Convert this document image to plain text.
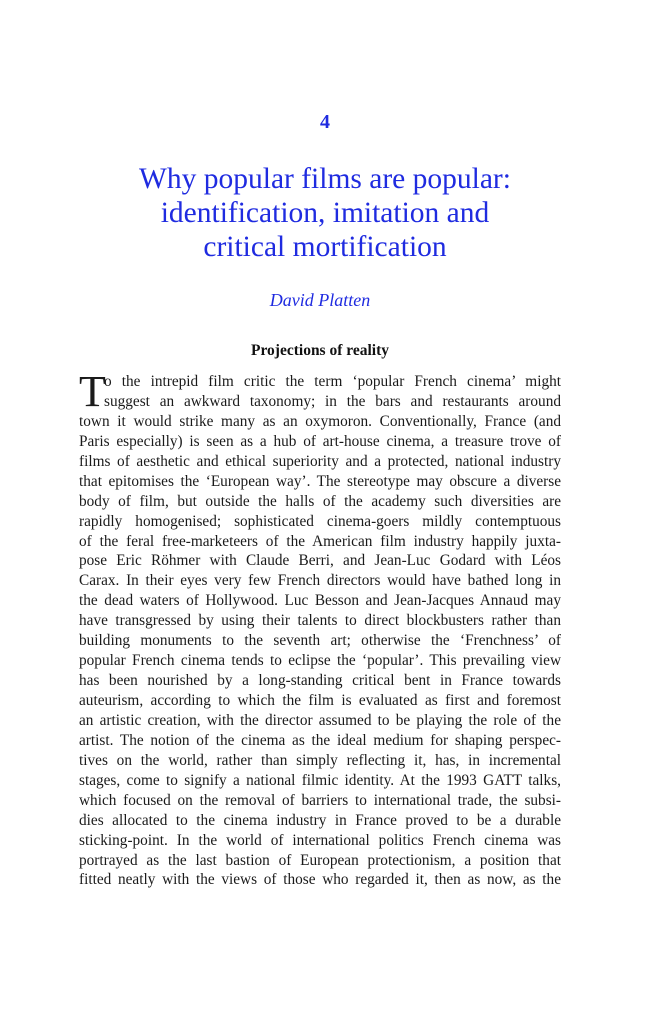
4
Why popular films are popular:
identification, imitation and
critical mortification
David Platten
Projections of reality
T
o the intrepid film critic the term ‘popular French cinema’ might
suggest an awkward taxonomy; in the bars and restaurants around
town it would strike many as an oxymoron. Conventionally, France (and
Paris especially) is seen as a hub of art-house cinema, a treasure trove of
films of aesthetic and ethical superiority and a protected, national industry
that epitomises the ‘European way’. The stereotype may obscure a diverse
body of film, but outside the halls of the academy such diversities are
rapidly homogenised; sophisticated cinema-goers mildly contemptuous
of the feral free-marketeers of the American film industry happily juxta-
pose Eric Röhmer with Claude Berri, and Jean-Luc Godard with Léos
Carax. In their eyes very few French directors would have bathed long in
the dead waters of Hollywood. Luc Besson and Jean-Jacques Annaud may
have transgressed by using their talents to direct blockbusters rather than
building monuments to the seventh art; otherwise the ‘Frenchness’ of
popular French cinema tends to eclipse the ‘popular’. This prevailing view
has been nourished by a long-standing critical bent in France towards
auteurism, according to which the film is evaluated as first and foremost
an artistic creation, with the director assumed to be playing the role of the
artist. The notion of the cinema as the ideal medium for shaping perspec-
tives on the world, rather than simply reflecting it, has, in incremental
stages, come to signify a national filmic identity. At the 1993 GATT talks,
which focused on the removal of barriers to international trade, the subsi-
dies allocated to the cinema industry in France proved to be a durable
sticking-point. In the world of international politics French cinema was
portrayed as the last bastion of European protectionism, a position that
fitted neatly with the views of those who regarded it, then as now, as the
